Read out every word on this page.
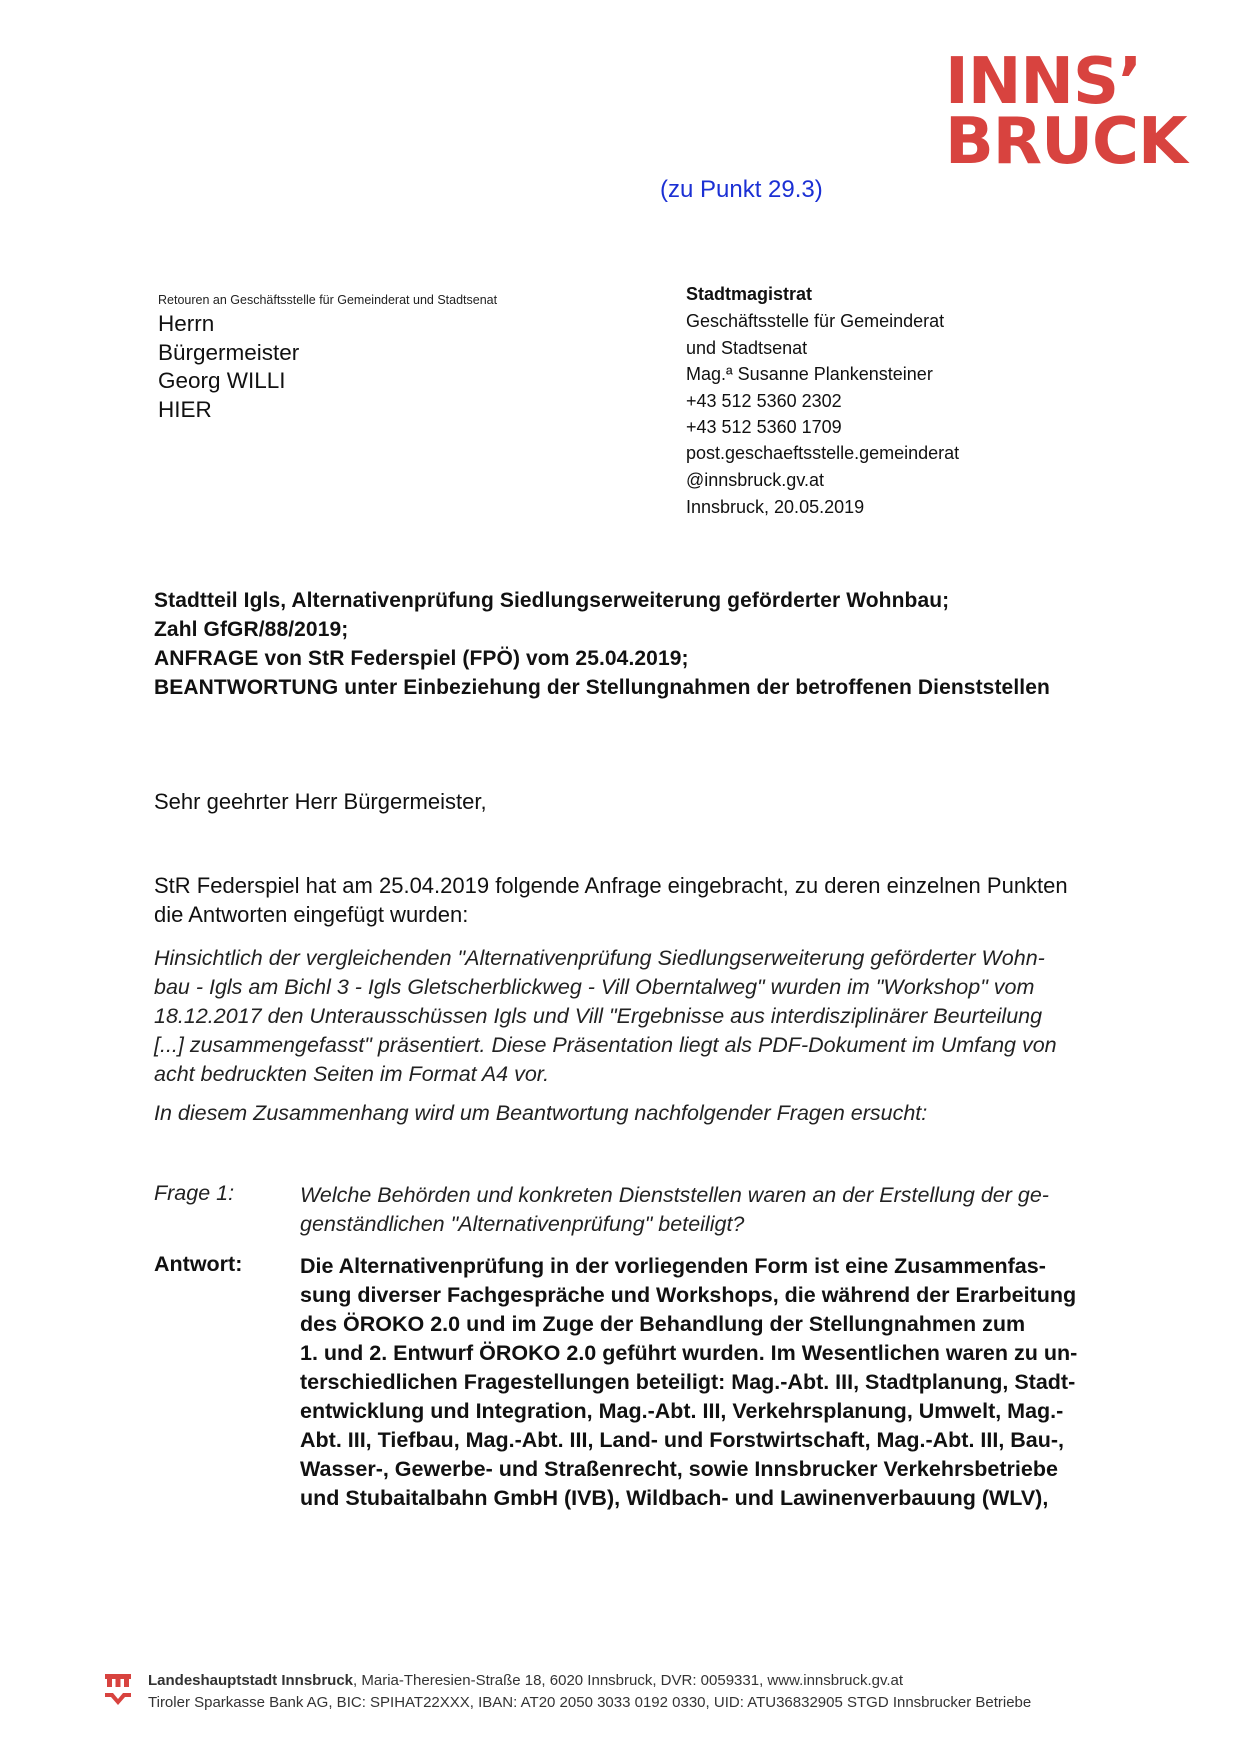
INNS’
BRUCK
(zu Punkt 29.3)
Retouren an Geschäftsstelle für Gemeinderat und Stadtsenat
Herrn
Bürgermeister
Georg WILLI
HIER
Stadtmagistrat
Geschäftsstelle für Gemeinderat
und Stadtsenat
Mag.ª Susanne Plankensteiner
+43 512 5360 2302
+43 512 5360 1709
post.geschaeftsstelle.gemeinderat
@innsbruck.gv.at
Innsbruck, 20.05.2019
Stadtteil Igls, Alternativenprüfung Siedlungserweiterung geförderter Wohnbau;
Zahl GfGR/88/2019;
ANFRAGE von StR Federspiel (FPÖ) vom 25.04.2019;
BEANTWORTUNG unter Einbeziehung der Stellungnahmen der betroffenen Dienststellen
Sehr geehrter Herr Bürgermeister,
StR Federspiel hat am 25.04.2019 folgende Anfrage eingebracht, zu deren einzelnen Punkten
die Antworten eingefügt wurden:
Hinsichtlich der vergleichenden "Alternativenprüfung Siedlungserweiterung geförderter Wohn-
bau - Igls am Bichl 3 - Igls Gletscherblickweg - Vill Oberntalweg" wurden im "Workshop" vom
18.12.2017 den Unterausschüssen Igls und Vill "Ergebnisse aus interdisziplinärer Beurteilung
[...] zusammengefasst" präsentiert. Diese Präsentation liegt als PDF-Dokument im Umfang von
acht bedruckten Seiten im Format A4 vor.
In diesem Zusammenhang wird um Beantwortung nachfolgender Fragen ersucht:
Frage 1:	Welche Behörden und konkreten Dienststellen waren an der Erstellung der ge-
genständlichen "Alternativenprüfung" beteiligt?
Antwort:	Die Alternativenprüfung in der vorliegenden Form ist eine Zusammenfas-
sung diverser Fachgespräche und Workshops, die während der Erarbeitung
des ÖROKO 2.0 und im Zuge der Behandlung der Stellungnahmen zum
1. und 2. Entwurf ÖROKO 2.0 geführt wurden. Im Wesentlichen waren zu un-
terschiedlichen Fragestellungen beteiligt: Mag.-Abt. III, Stadtplanung, Stadt-
entwicklung und Integration, Mag.-Abt. III, Verkehrsplanung, Umwelt, Mag.-
Abt. III, Tiefbau, Mag.-Abt. III, Land- und Forstwirtschaft, Mag.-Abt. III, Bau-,
Wasser-, Gewerbe- und Straßenrecht, sowie Innsbrucker Verkehrsbetriebe
und Stubaitalbahn GmbH (IVB), Wildbach- und Lawinenverbauung (WLV),
Landeshauptstadt Innsbruck, Maria-Theresien-Straße 18, 6020 Innsbruck, DVR: 0059331, www.innsbruck.gv.at
Tiroler Sparkasse Bank AG, BIC: SPIHAT22XXX, IBAN: AT20 2050 3033 0192 0330, UID: ATU36832905 STGD Innsbrucker Betriebe
